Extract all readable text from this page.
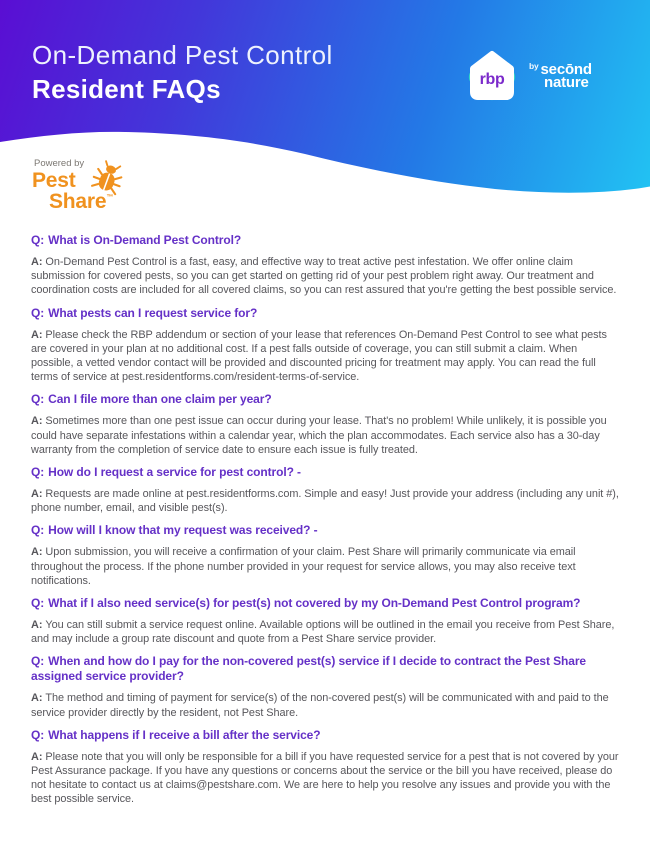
On-Demand Pest Control
Resident FAQs	rbp
$^{by}$ secōnd
nature
Powered by
Pest
Share™
Q: What is On-Demand Pest Control?

A: On-Demand Pest Control is a fast, easy, and effective way to treat active pest infestation. We offer online claim submission for covered pests, so you can get started on getting rid of your pest problem right away. Our treatment and coordination costs are included for all covered claims, so you can rest assured that you're getting the best possible service.

Q: What pests can I request service for?

A: Please check the RBP addendum or section of your lease that references On-Demand Pest Control to see what pests are covered in your plan at no additional cost. If a pest falls outside of coverage, you can still submit a claim. When possible, a vetted vendor contact will be provided and discounted pricing for treatment may apply. You can read the full terms of service at pest.residentforms.com/resident-terms-of-service.

Q: Can I file more than one claim per year?

A: Sometimes more than one pest issue can occur during your lease. That's no problem! While unlikely, it is possible you could have separate infestations within a calendar year, which the plan accommodates. Each service also has a 30-day warranty from the completion of service date to ensure each issue is fully treated.

Q: How do I request a service for pest control? -

A: Requests are made online at pest.residentforms.com. Simple and easy! Just provide your address (including any unit #), phone number, email, and visible pest(s).

Q: How will I know that my request was received? -

A: Upon submission, you will receive a confirmation of your claim. Pest Share will primarily communicate via email throughout the process. If the phone number provided in your request for service allows, you may also receive text notifications.

Q: What if I also need service(s) for pest(s) not covered by my On-Demand Pest Control program?

A: You can still submit a service request online. Available options will be outlined in the email you receive from Pest Share, and may include a group rate discount and quote from a Pest Share service provider.

Q: When and how do I pay for the non-covered pest(s) service if I decide to contract the Pest Share assigned service provider?

A: The method and timing of payment for service(s) of the non-covered pest(s) will be communicated with and paid to the service provider directly by the resident, not Pest Share.

Q: What happens if I receive a bill after the service?

A: Please note that you will only be responsible for a bill if you have requested service for a pest that is not covered by your Pest Assurance package. If you have any questions or concerns about the service or the bill you have received, please do not hesitate to contact us at claims@pestshare.com. We are here to help you resolve any issues and provide you with the best possible service.
